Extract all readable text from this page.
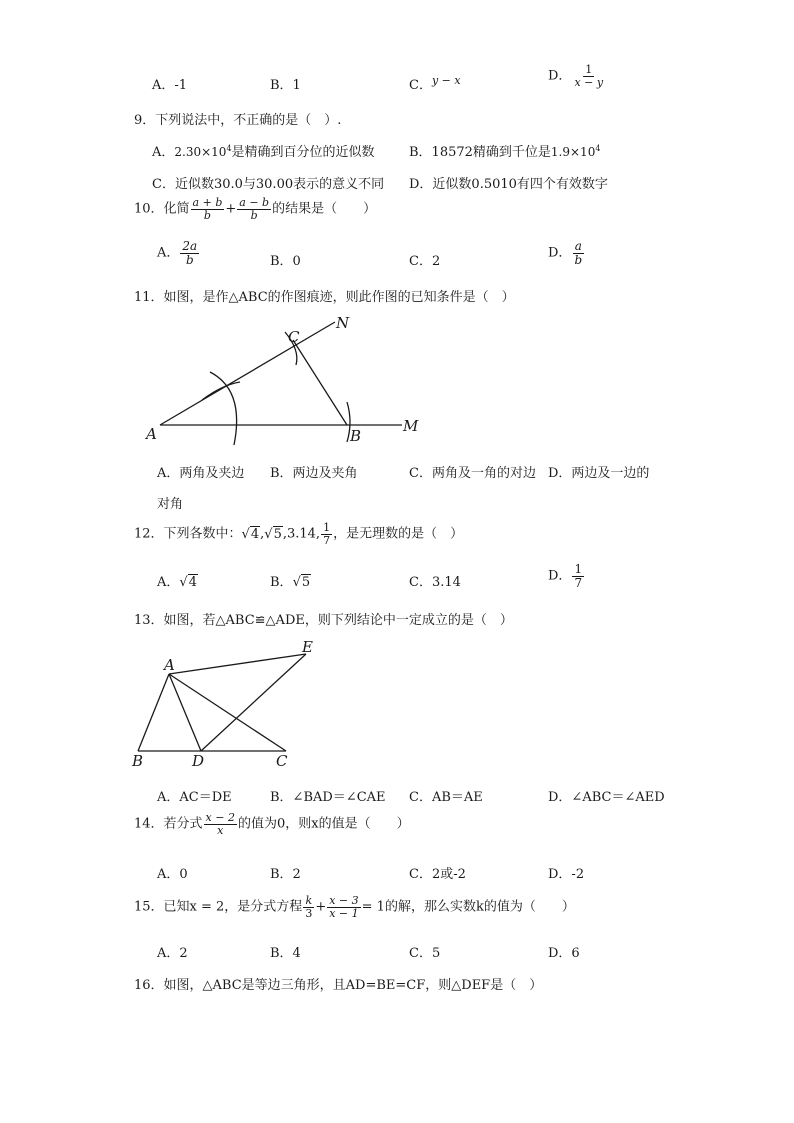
A．-1	B．1	C．$^{y - x}$	D． $\frac{1}{x - y}$
9．下列说法中，不正确的是（　）.
A．$2.30\times 10^4$是精确到百分位的近似数	B．18572精确到千位是$1.9\times 10^4$
C．近似数30.0与30.00表示的意义不同 D．近似数0.5010有四个有效数字
10．化简 $\frac{a + b}{b} + \frac{a - b}{b}$ 的结果是（　　）
A． $\frac{2a}{b}$	B．0	C．2
D． $\frac{a}{b}$
11．如图，是作△ABC的作图痕迹，则此作图的已知条件是（　）
A	B
C
N
M
A．两角及夹边 B．两边及夹角	C．两角及一角的对边 D．两边及一边的
对角
12．下列各数中：√4,√5,3.14, $\frac{1}{7}$ ，是无理数的是（　）
A．√4	B．√5	C．3.14	D． $\frac{1}{7}$
13．如图，若△ABC≌△ADE，则下列结论中一定成立的是（　）
A
B	C
D
E
A．AC＝DE	B．∠BAD＝∠CAE C．AB＝AE	D．∠ABC＝∠AED
14．若分式 $\frac{x - 2}{x}$ 的值为0，则x的值是（　　）
A．0	B．2	C．2或-2	D．-2
15．已知x = 2，是分式方程 $\frac{k}{3} + \frac{x - 3}{x - 1} = 1$的解，那么实数k的值为（　　）
A．2	B．4	C．5	D．6
16．如图，△ABC是等边三角形，且AD=BE=CF，则△DEF是（　）
